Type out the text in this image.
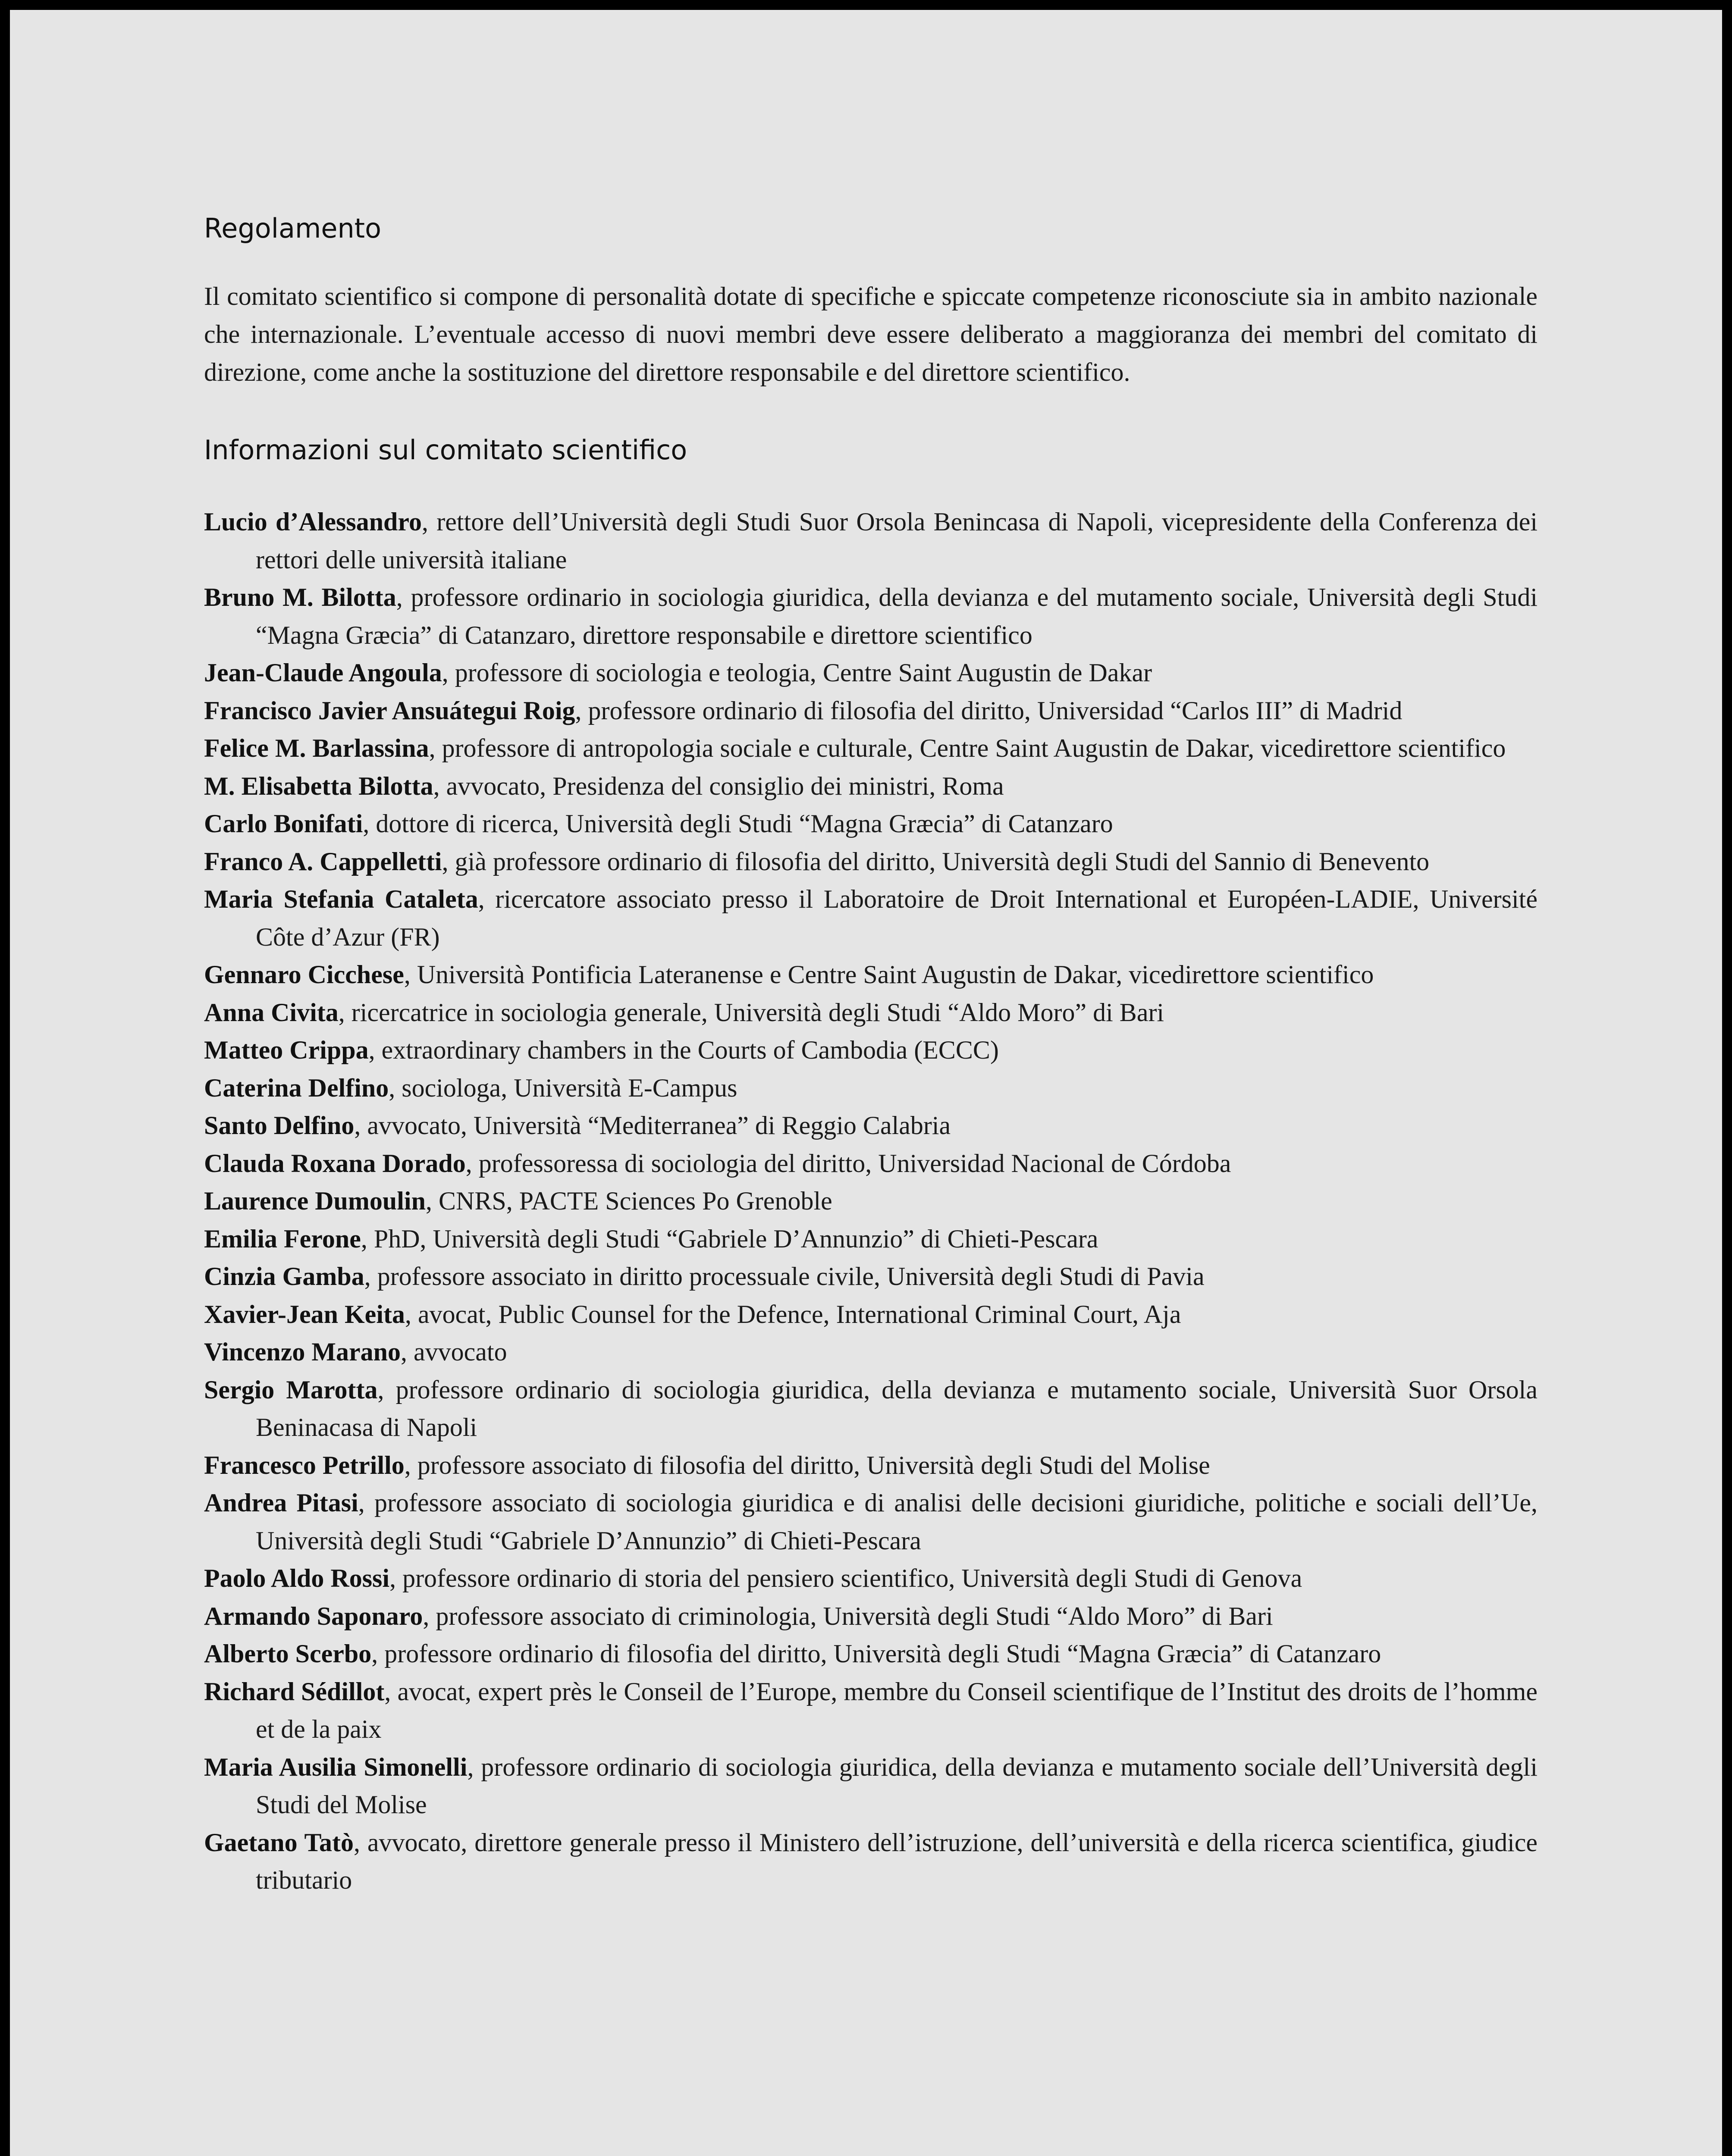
Regolamento

Il comitato scientifico si compone di personalità dotate di specifiche e spiccate competenze riconosciute sia in ambito nazionale che internazionale. L’eventuale accesso di nuovi membri deve essere deliberato a maggioranza dei membri del comitato di direzione, come anche la sostituzione del direttore responsabile e del direttore scientifico.

Informazioni sul comitato scientifico
Lucio d’Alessandro, rettore dell’Università degli Studi Suor Orsola Benincasa di Napoli, vicepresidente della Conferenza dei rettori delle università italiane
Bruno M. Bilotta, professore ordinario in sociologia giuridica, della devianza e del mutamento sociale, Università degli Studi “Magna Græcia” di Catanzaro, direttore responsabile e direttore scientifico
Jean-Claude Angoula, professore di sociologia e teologia, Centre Saint Augustin de Dakar
Francisco Javier Ansuátegui Roig, professore ordinario di filosofia del diritto, Universidad “Carlos III” di Madrid
Felice M. Barlassina, professore di antropologia sociale e culturale, Centre Saint Augustin de Dakar, vicedirettore scientifico
M. Elisabetta Bilotta, avvocato, Presidenza del consiglio dei ministri, Roma
Carlo Bonifati, dottore di ricerca, Università degli Studi “Magna Græcia” di Catanzaro
Franco A. Cappelletti, già professore ordinario di filosofia del diritto, Università degli Studi del Sannio di Benevento
Maria Stefania Cataleta, ricercatore associato presso il Laboratoire de Droit International et Européen-LADIE, Université Côte d’Azur (FR)
Gennaro Cicchese, Università Pontificia Lateranense e Centre Saint Augustin de Dakar, vicedirettore scientifico
Anna Civita, ricercatrice in sociologia generale, Università degli Studi “Aldo Moro” di Bari
Matteo Crippa, extraordinary chambers in the Courts of Cambodia (ECCC)
Caterina Delfino, sociologa, Università E-Campus
Santo Delfino, avvocato, Università “Mediterranea” di Reggio Calabria
Clauda Roxana Dorado, professoressa di sociologia del diritto, Universidad Nacional de Córdoba
Laurence Dumoulin, CNRS, PACTE Sciences Po Grenoble
Emilia Ferone, PhD, Università degli Studi “Gabriele D’Annunzio” di Chieti-Pescara
Cinzia Gamba, professore associato in diritto processuale civile, Università degli Studi di Pavia
Xavier-Jean Keita, avocat, Public Counsel for the Defence, International Criminal Court, Aja
Vincenzo Marano, avvocato
Sergio Marotta, professore ordinario di sociologia giuridica, della devianza e mutamento sociale, Università Suor Orsola Beninacasa di Napoli
Francesco Petrillo, professore associato di filosofia del diritto, Università degli Studi del Molise
Andrea Pitasi, professore associato di sociologia giuridica e di analisi delle decisioni giuridiche, politiche e sociali dell’Ue, Università degli Studi “Gabriele D’Annunzio” di Chieti-Pescara
Paolo Aldo Rossi, professore ordinario di storia del pensiero scientifico, Università degli Studi di Genova
Armando Saponaro, professore associato di criminologia, Università degli Studi “Aldo Moro” di Bari
Alberto Scerbo, professore ordinario di filosofia del diritto, Università degli Studi “Magna Græcia” di Catanzaro
Richard Sédillot, avocat, expert près le Conseil de l’Europe, membre du Conseil scientifique de l’Institut des droits de l’homme et de la paix
Maria Ausilia Simonelli, professore ordinario di sociologia giuridica, della devianza e mutamento sociale dell’Università degli Studi del Molise
Gaetano Tatò, avvocato, direttore generale presso il Ministero dell’istruzione, dell’università e della ricerca scientifica, giudice tributario
